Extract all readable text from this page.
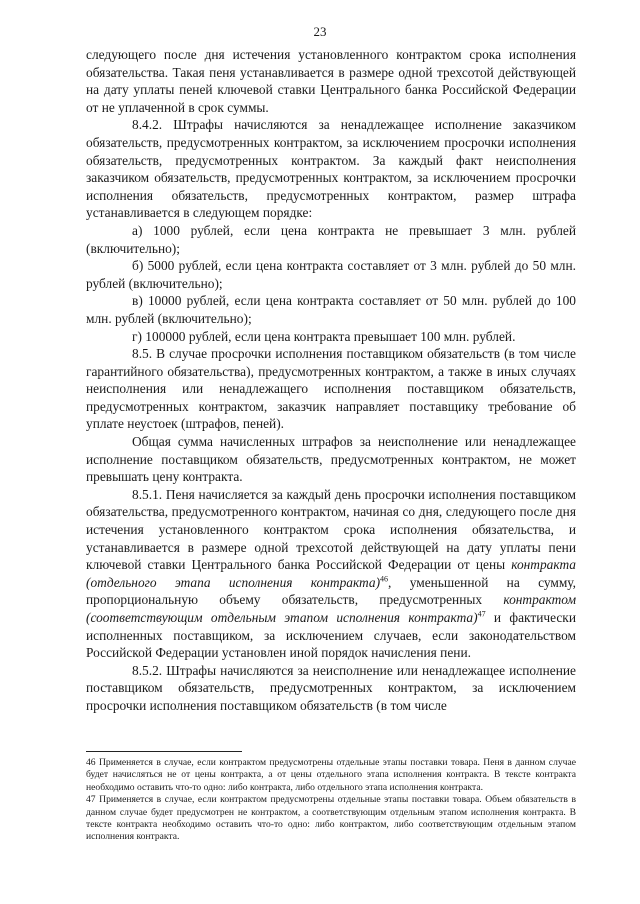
23

следующего после дня истечения установленного контрактом срока исполнения обязательства. Такая пеня устанавливается в размере одной трехсотой действующей на дату уплаты пеней ключевой ставки Центрального банка Российской Федерации от не уплаченной в срок суммы.

8.4.2. Штрафы начисляются за ненадлежащее исполнение заказчиком обязательств, предусмотренных контрактом, за исключением просрочки исполнения обязательств, предусмотренных контрактом. За каждый факт неисполнения заказчиком обязательств, предусмотренных контрактом, за исключением просрочки исполнения обязательств, предусмотренных контрактом, размер штрафа устанавливается в следующем порядке:

а) 1000 рублей, если цена контракта не превышает 3 млн. рублей (включительно);

б) 5000 рублей, если цена контракта составляет от 3 млн. рублей до 50 млн. рублей (включительно);

в) 10000 рублей, если цена контракта составляет от 50 млн. рублей до 100 млн. рублей (включительно);

г) 100000 рублей, если цена контракта превышает 100 млн. рублей.

8.5. В случае просрочки исполнения поставщиком обязательств (в том числе гарантийного обязательства), предусмотренных контрактом, а также в иных случаях неисполнения или ненадлежащего исполнения поставщиком обязательств, предусмотренных контрактом, заказчик направляет поставщику требование об уплате неустоек (штрафов, пеней).

Общая сумма начисленных штрафов за неисполнение или ненадлежащее исполнение поставщиком обязательств, предусмотренных контрактом, не может превышать цену контракта.

8.5.1. Пеня начисляется за каждый день просрочки исполнения поставщиком обязательства, предусмотренного контрактом, начиная со дня, следующего после дня истечения установленного контрактом срока исполнения обязательства, и устанавливается в размере одной трехсотой действующей на дату уплаты пени ключевой ставки Центрального банка Российской Федерации от цены контракта (отдельного этапа исполнения контракта)$^{46}$, уменьшенной на сумму, пропорциональную объему обязательств, предусмотренных контрактом (соответствующим отдельным этапом исполнения контракта)$^{47}$ и фактически исполненных поставщиком, за исключением случаев, если законодательством Российской Федерации установлен иной порядок начисления пени.

8.5.2. Штрафы начисляются за неисполнение или ненадлежащее исполнение поставщиком обязательств, предусмотренных контрактом, за исключением просрочки исполнения поставщиком обязательств (в том числе

46 Применяется в случае, если контрактом предусмотрены отдельные этапы поставки товара. Пеня в данном случае будет начисляться не от цены контракта, а от цены отдельного этапа исполнения контракта. В тексте контракта необходимо оставить что-то одно: либо контракта, либо отдельного этапа исполнения контракта.

47 Применяется в случае, если контрактом предусмотрены отдельные этапы поставки товара. Объем обязательств в данном случае будет предусмотрен не контрактом, а соответствующим отдельным этапом исполнения контракта. В тексте контракта необходимо оставить что-то одно: либо контрактом, либо соответствующим отдельным этапом исполнения контракта.
